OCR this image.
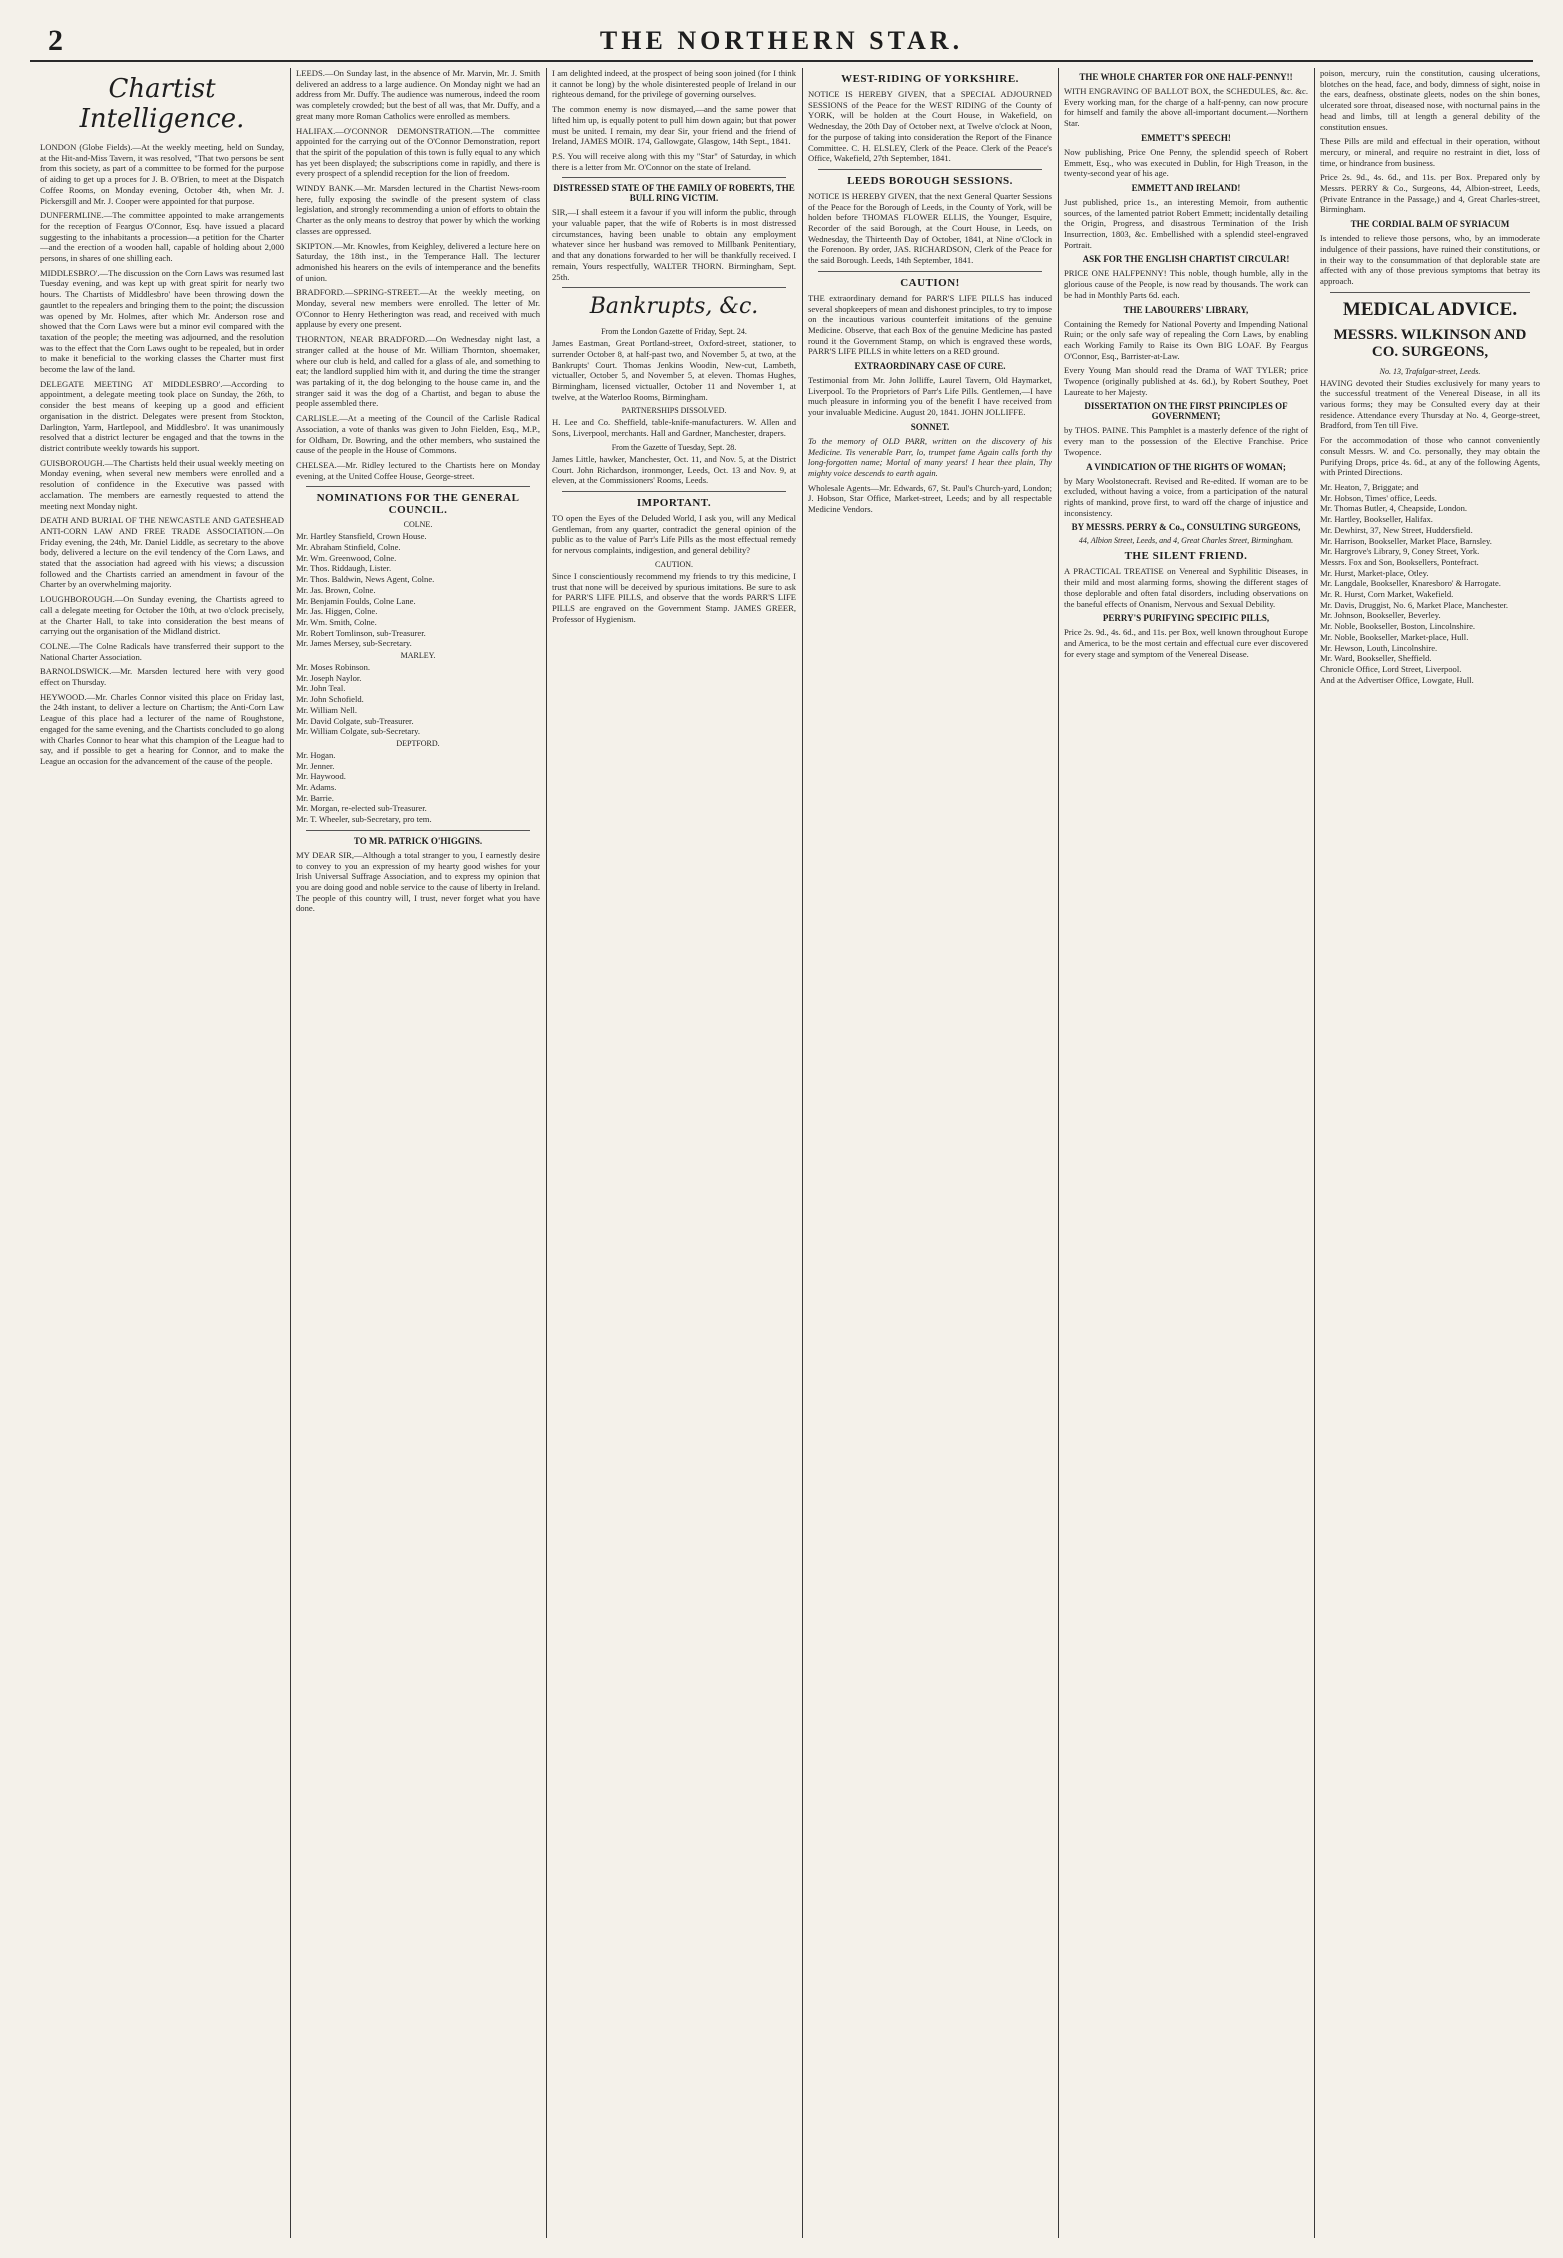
2	THE NORTHERN STAR.
Chartist Intelligence.

LONDON (Globe Fields).—At the weekly meeting, held on Sunday, at the Hit-and-Miss Tavern, it was resolved, "That two persons be sent from this society, as part of a committee to be formed for the purpose of aiding to get up a proces for J. B. O'Brien, to meet at the Dispatch Coffee Rooms, on Monday evening, October 4th, when Mr. J. Pickersgill and Mr. J. Cooper were appointed for that purpose.

DUNFERMLINE.—The committee appointed to make arrangements for the reception of Feargus O'Connor, Esq. have issued a placard suggesting to the inhabitants a procession—a petition for the Charter—and the erection of a wooden hall, capable of holding about 2,000 persons, in shares of one shilling each.

MIDDLESBRO'.—The discussion on the Corn Laws was resumed last Tuesday evening, and was kept up with great spirit for nearly two hours. The Chartists of Middlesbro' have been throwing down the gauntlet to the repealers and bringing them to the point; the discussion was opened by Mr. Holmes, after which Mr. Anderson rose and showed that the Corn Laws were but a minor evil compared with the taxation of the people; the meeting was adjourned, and the resolution was to the effect that the Corn Laws ought to be repealed, but in order to make it beneficial to the working classes the Charter must first become the law of the land.

DELEGATE MEETING AT MIDDLESBRO'.—According to appointment, a delegate meeting took place on Sunday, the 26th, to consider the best means of keeping up a good and efficient organisation in the district. Delegates were present from Stockton, Darlington, Yarm, Hartlepool, and Middlesbro'. It was unanimously resolved that a district lecturer be engaged and that the towns in the district contribute weekly towards his support.

GUISBOROUGH.—The Chartists held their usual weekly meeting on Monday evening, when several new members were enrolled and a resolution of confidence in the Executive was passed with acclamation. The members are earnestly requested to attend the meeting next Monday night.

DEATH AND BURIAL OF THE NEWCASTLE AND GATESHEAD ANTI-CORN LAW AND FREE TRADE ASSOCIATION.—On Friday evening, the 24th, Mr. Daniel Liddle, as secretary to the above body, delivered a lecture on the evil tendency of the Corn Laws, and stated that the association had agreed with his views; a discussion followed and the Chartists carried an amendment in favour of the Charter by an overwhelming majority.

LOUGHBOROUGH.—On Sunday evening, the Chartists agreed to call a delegate meeting for October the 10th, at two o'clock precisely, at the Charter Hall, to take into consideration the best means of carrying out the organisation of the Midland district.

COLNE.—The Colne Radicals have transferred their support to the National Charter Association.

BARNOLDSWICK.—Mr. Marsden lectured here with very good effect on Thursday.

HEYWOOD.—Mr. Charles Connor visited this place on Friday last, the 24th instant, to deliver a lecture on Chartism; the Anti-Corn Law League of this place had a lecturer of the name of Roughstone, engaged for the same evening, and the Chartists concluded to go along with Charles Connor to hear what this champion of the League had to say, and if possible to get a hearing for Connor, and to make the League an occasion for the advancement of the cause of the people.

LEEDS.—On Sunday last, in the absence of Mr. Marvin, Mr. J. Smith delivered an address to a large audience. On Monday night we had an address from Mr. Duffy. The audience was numerous, indeed the room was completely crowded; but the best of all was, that Mr. Duffy, and a great many more Roman Catholics were enrolled as members.

HALIFAX.—O'CONNOR DEMONSTRATION.—The committee appointed for the carrying out of the O'Connor Demonstration, report that the spirit of the population of this town is fully equal to any which has yet been displayed; the subscriptions come in rapidly, and there is every prospect of a splendid reception for the lion of freedom.

WINDY BANK.—Mr. Marsden lectured in the Chartist News-room here, fully exposing the swindle of the present system of class legislation, and strongly recommending a union of efforts to obtain the Charter as the only means to destroy that power by which the working classes are oppressed.

SKIPTON.—Mr. Knowles, from Keighley, delivered a lecture here on Saturday, the 18th inst., in the Temperance Hall. The lecturer admonished his hearers on the evils of intemperance and the benefits of union.

BRADFORD.—SPRING-STREET.—At the weekly meeting, on Monday, several new members were enrolled. The letter of Mr. O'Connor to Henry Hetherington was read, and received with much applause by every one present.

THORNTON, NEAR BRADFORD.—On Wednesday night last, a stranger called at the house of Mr. William Thornton, shoemaker, where our club is held, and called for a glass of ale, and something to eat; the landlord supplied him with it, and during the time the stranger was partaking of it, the dog belonging to the house came in, and the stranger said it was the dog of a Chartist, and began to abuse the people assembled there.

CARLISLE.—At a meeting of the Council of the Carlisle Radical Association, a vote of thanks was given to John Fielden, Esq., M.P., for Oldham, Dr. Bowring, and the other members, who sustained the cause of the people in the House of Commons.

CHELSEA.—Mr. Ridley lectured to the Chartists here on Monday evening, at the United Coffee House, George-street.

NOMINATIONS FOR THE GENERAL COUNCIL.
COLNE.

Mr. Hartley Stansfield, Crown House.

Mr. Abraham Stinfield, Colne.

Mr. Wm. Greenwood, Colne.

Mr. Thos. Riddaugh, Lister.

Mr. Thos. Baldwin, News Agent, Colne.

Mr. Jas. Brown, Colne.

Mr. Benjamin Foulds, Colne Lane.

Mr. Jas. Higgen, Colne.

Mr. Wm. Smith, Colne.

Mr. Robert Tomlinson, sub-Treasurer.

Mr. James Mersey, sub-Secretary.

MARLEY.

Mr. Moses Robinson.

Mr. Joseph Naylor.

Mr. John Teal.

Mr. John Schofield.

Mr. William Nell.

Mr. David Colgate, sub-Treasurer.

Mr. William Colgate, sub-Secretary.

DEPTFORD.

Mr. Hogan.

Mr. Jenner.

Mr. Haywood.

Mr. Adams.

Mr. Barrie.

Mr. Morgan, re-elected sub-Treasurer.

Mr. T. Wheeler, sub-Secretary, pro tem.

TO MR. PATRICK O'HIGGINS.

MY DEAR SIR,—Although a total stranger to you, I earnestly desire to convey to you an expression of my hearty good wishes for your Irish Universal Suffrage Association, and to express my opinion that you are doing good and noble service to the cause of liberty in Ireland. The people of this country will, I trust, never forget what you have done.

I am delighted indeed, at the prospect of being soon joined (for I think it cannot be long) by the whole disinterested people of Ireland in our righteous demand, for the privilege of governing ourselves.

The common enemy is now dismayed,—and the same power that lifted him up, is equally potent to pull him down again; but that power must be united. I remain, my dear Sir, your friend and the friend of Ireland, JAMES MOIR. 174, Gallowgate, Glasgow, 14th Sept., 1841.

P.S. You will receive along with this my "Star" of Saturday, in which there is a letter from Mr. O'Connor on the state of Ireland.

DISTRESSED STATE OF THE FAMILY OF ROBERTS, THE BULL RING VICTIM.

SIR,—I shall esteem it a favour if you will inform the public, through your valuable paper, that the wife of Roberts is in most distressed circumstances, having been unable to obtain any employment whatever since her husband was removed to Millbank Penitentiary, and that any donations forwarded to her will be thankfully received. I remain, Yours respectfully, WALTER THORN. Birmingham, Sept. 25th.

Bankrupts, &c.
From the London Gazette of Friday, Sept. 24.

James Eastman, Great Portland-street, Oxford-street, stationer, to surrender October 8, at half-past two, and November 5, at two, at the Bankrupts' Court. Thomas Jenkins Woodin, New-cut, Lambeth, victualler, October 5, and November 5, at eleven. Thomas Hughes, Birmingham, licensed victualler, October 11 and November 1, at twelve, at the Waterloo Rooms, Birmingham.

PARTNERSHIPS DISSOLVED.

H. Lee and Co. Sheffield, table-knife-manufacturers. W. Allen and Sons, Liverpool, merchants. Hall and Gardner, Manchester, drapers.

From the Gazette of Tuesday, Sept. 28.

James Little, hawker, Manchester, Oct. 11, and Nov. 5, at the District Court. John Richardson, ironmonger, Leeds, Oct. 13 and Nov. 9, at eleven, at the Commissioners' Rooms, Leeds.

IMPORTANT.

TO open the Eyes of the Deluded World, I ask you, will any Medical Gentleman, from any quarter, contradict the general opinion of the public as to the value of Parr's Life Pills as the most effectual remedy for nervous complaints, indigestion, and general debility?

CAUTION.

Since I conscientiously recommend my friends to try this medicine, I trust that none will be deceived by spurious imitations. Be sure to ask for PARR'S LIFE PILLS, and observe that the words PARR'S LIFE PILLS are engraved on the Government Stamp. JAMES GREER, Professor of Hygienism.

WEST-RIDING OF YORKSHIRE.

NOTICE IS HEREBY GIVEN, that a SPECIAL ADJOURNED SESSIONS of the Peace for the WEST RIDING of the County of YORK, will be holden at the Court House, in Wakefield, on Wednesday, the 20th Day of October next, at Twelve o'clock at Noon, for the purpose of taking into consideration the Report of the Finance Committee. C. H. ELSLEY, Clerk of the Peace. Clerk of the Peace's Office, Wakefield, 27th September, 1841.

LEEDS BOROUGH SESSIONS.

NOTICE IS HEREBY GIVEN, that the next General Quarter Sessions of the Peace for the Borough of Leeds, in the County of York, will be holden before THOMAS FLOWER ELLIS, the Younger, Esquire, Recorder of the said Borough, at the Court House, in Leeds, on Wednesday, the Thirteenth Day of October, 1841, at Nine o'Clock in the Forenoon. By order, JAS. RICHARDSON, Clerk of the Peace for the said Borough. Leeds, 14th September, 1841.

CAUTION!

THE extraordinary demand for PARR'S LIFE PILLS has induced several shopkeepers of mean and dishonest principles, to try to impose on the incautious various counterfeit imitations of the genuine Medicine. Observe, that each Box of the genuine Medicine has pasted round it the Government Stamp, on which is engraved these words, PARR'S LIFE PILLS in white letters on a RED ground.

EXTRAORDINARY CASE OF CURE.

Testimonial from Mr. John Jolliffe, Laurel Tavern, Old Haymarket, Liverpool. To the Proprietors of Parr's Life Pills. Gentlemen,—I have much pleasure in informing you of the benefit I have received from your invaluable Medicine. August 20, 1841. JOHN JOLLIFFE.

SONNET.

To the memory of OLD PARR, written on the discovery of his Medicine. Tis venerable Parr, lo, trumpet fame Again calls forth thy long-forgotten name; Mortal of many years! I hear thee plain, Thy mighty voice descends to earth again.

Wholesale Agents—Mr. Edwards, 67, St. Paul's Church-yard, London; J. Hobson, Star Office, Market-street, Leeds; and by all respectable Medicine Vendors.

THE WHOLE CHARTER FOR ONE HALF-PENNY!!

WITH ENGRAVING OF BALLOT BOX, the SCHEDULES, &c. &c. Every working man, for the charge of a half-penny, can now procure for himself and family the above all-important document.—Northern Star.

EMMETT'S SPEECH!

Now publishing, Price One Penny, the splendid speech of Robert Emmett, Esq., who was executed in Dublin, for High Treason, in the twenty-second year of his age.

EMMETT AND IRELAND!

Just published, price 1s., an interesting Memoir, from authentic sources, of the lamented patriot Robert Emmett; incidentally detailing the Origin, Progress, and disastrous Termination of the Irish Insurrection, 1803, &c. Embellished with a splendid steel-engraved Portrait.

ASK FOR THE ENGLISH CHARTIST CIRCULAR!

PRICE ONE HALFPENNY! This noble, though humble, ally in the glorious cause of the People, is now read by thousands. The work can be had in Monthly Parts 6d. each.

THE LABOURERS' LIBRARY,

Containing the Remedy for National Poverty and Impending National Ruin; or the only safe way of repealing the Corn Laws, by enabling each Working Family to Raise its Own BIG LOAF. By Feargus O'Connor, Esq., Barrister-at-Law.

Every Young Man should read the Drama of WAT TYLER; price Twopence (originally published at 4s. 6d.), by Robert Southey, Poet Laureate to her Majesty.

DISSERTATION ON THE FIRST PRINCIPLES OF GOVERNMENT;

by THOS. PAINE. This Pamphlet is a masterly defence of the right of every man to the possession of the Elective Franchise. Price Twopence.

A VINDICATION OF THE RIGHTS OF WOMAN;

by Mary Woolstonecraft. Revised and Re-edited. If woman are to be excluded, without having a voice, from a participation of the natural rights of mankind, prove first, to ward off the charge of injustice and inconsistency.

BY MESSRS. PERRY & Co., CONSULTING SURGEONS,
44, Albion Street, Leeds, and 4, Great Charles Street, Birmingham.
THE SILENT FRIEND.

A PRACTICAL TREATISE on Venereal and Syphilitic Diseases, in their mild and most alarming forms, showing the different stages of those deplorable and often fatal disorders, including observations on the baneful effects of Onanism, Nervous and Sexual Debility.

PERRY'S PURIFYING SPECIFIC PILLS,

Price 2s. 9d., 4s. 6d., and 11s. per Box, well known throughout Europe and America, to be the most certain and effectual cure ever discovered for every stage and symptom of the Venereal Disease.

poison, mercury, ruin the constitution, causing ulcerations, blotches on the head, face, and body, dimness of sight, noise in the ears, deafness, obstinate gleets, nodes on the shin bones, ulcerated sore throat, diseased nose, with nocturnal pains in the head and limbs, till at length a general debility of the constitution ensues.

These Pills are mild and effectual in their operation, without mercury, or mineral, and require no restraint in diet, loss of time, or hindrance from business.

Price 2s. 9d., 4s. 6d., and 11s. per Box. Prepared only by Messrs. PERRY & Co., Surgeons, 44, Albion-street, Leeds, (Private Entrance in the Passage,) and 4, Great Charles-street, Birmingham.

THE CORDIAL BALM OF SYRIACUM

Is intended to relieve those persons, who, by an immoderate indulgence of their passions, have ruined their constitutions, or in their way to the consummation of that deplorable state are affected with any of those previous symptoms that betray its approach.

MEDICAL ADVICE.
MESSRS. WILKINSON AND CO. SURGEONS,
No. 13, Trafalgar-street, Leeds.

HAVING devoted their Studies exclusively for many years to the successful treatment of the Venereal Disease, in all its various forms; they may be Consulted every day at their residence. Attendance every Thursday at No. 4, George-street, Bradford, from Ten till Five.

For the accommodation of those who cannot conveniently consult Messrs. W. and Co. personally, they may obtain the Purifying Drops, price 4s. 6d., at any of the following Agents, with Printed Directions.

Mr. Heaton, 7, Briggate; and

Mr. Hobson, Times' office, Leeds.

Mr. Thomas Butler, 4, Cheapside, London.

Mr. Hartley, Bookseller, Halifax.

Mr. Dewhirst, 37, New Street, Huddersfield.

Mr. Harrison, Bookseller, Market Place, Barnsley.

Mr. Hargrove's Library, 9, Coney Street, York.

Messrs. Fox and Son, Booksellers, Pontefract.

Mr. Hurst, Market-place, Otley.

Mr. Langdale, Bookseller, Knaresboro' & Harrogate.

Mr. R. Hurst, Corn Market, Wakefield.

Mr. Davis, Druggist, No. 6, Market Place, Manchester.

Mr. Johnson, Bookseller, Beverley.

Mr. Noble, Bookseller, Boston, Lincolnshire.

Mr. Noble, Bookseller, Market-place, Hull.

Mr. Hewson, Louth, Lincolnshire.

Mr. Ward, Bookseller, Sheffield.

Chronicle Office, Lord Street, Liverpool.

And at the Advertiser Office, Lowgate, Hull.
